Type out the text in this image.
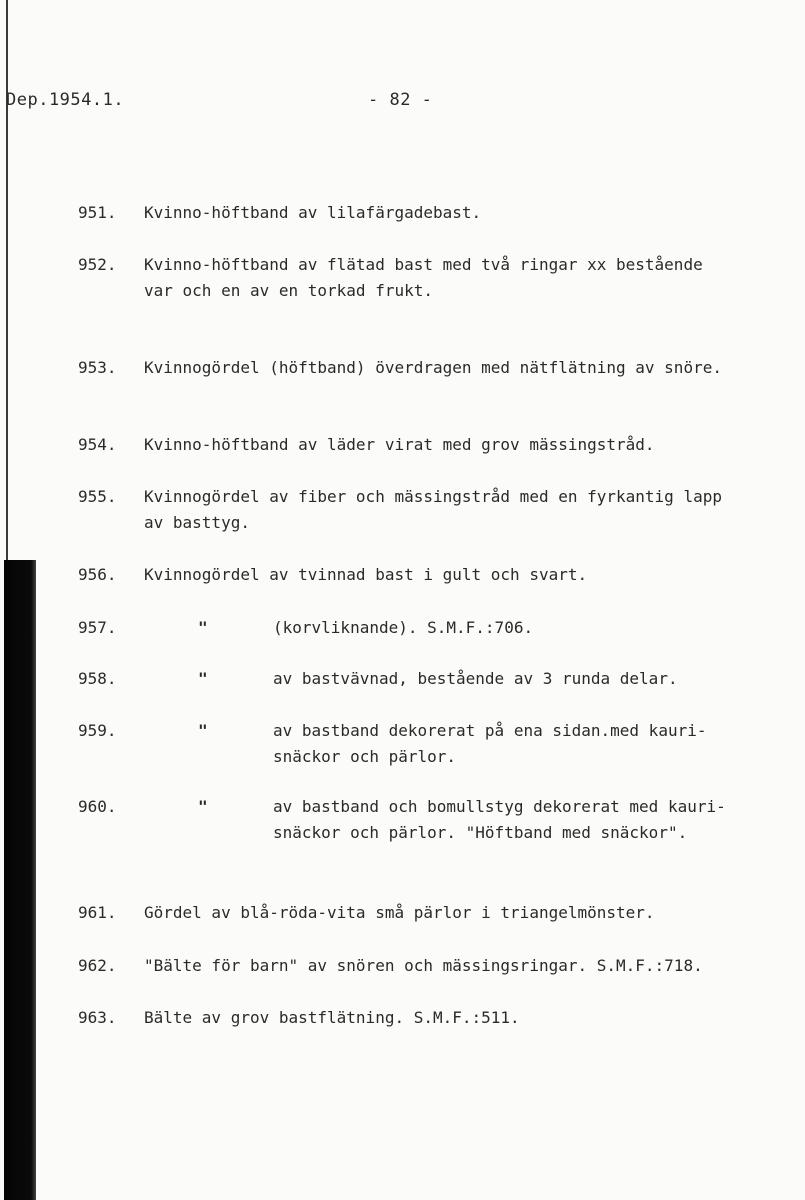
Dep.1954.1.	- 82 -
951.	Kvinno-höftband av lilafärgadebast.
952.	Kvinno-höftband av flätad bast med två ringar xx bestående
var och en av en torkad frukt.
953.	Kvinnogördel (höftband) överdragen med nätflätning av snöre.
954.	Kvinno-höftband av läder virat med grov mässingstråd.
955.	Kvinnogördel av fiber och mässingstråd med en fyrkantig lapp
av basttyg.
956.	Kvinnogördel av tvinnad bast i gult och svart.
957.	"	(korvliknande). S.M.F.:706.
958.	"	av bastvävnad, bestående av 3 runda delar.
959.	"	av bastband dekorerat på ena sidan.med kauri-
snäckor och pärlor.
960.	"	av bastband och bomullstyg dekorerat med kauri-
snäckor och pärlor. "Höftband med snäckor".
961.	Gördel av blå-röda-vita små pärlor i triangelmönster.
962.	"Bälte för barn" av snören och mässingsringar. S.M.F.:718.
963.	Bälte av grov bastflätning. S.M.F.:511.
